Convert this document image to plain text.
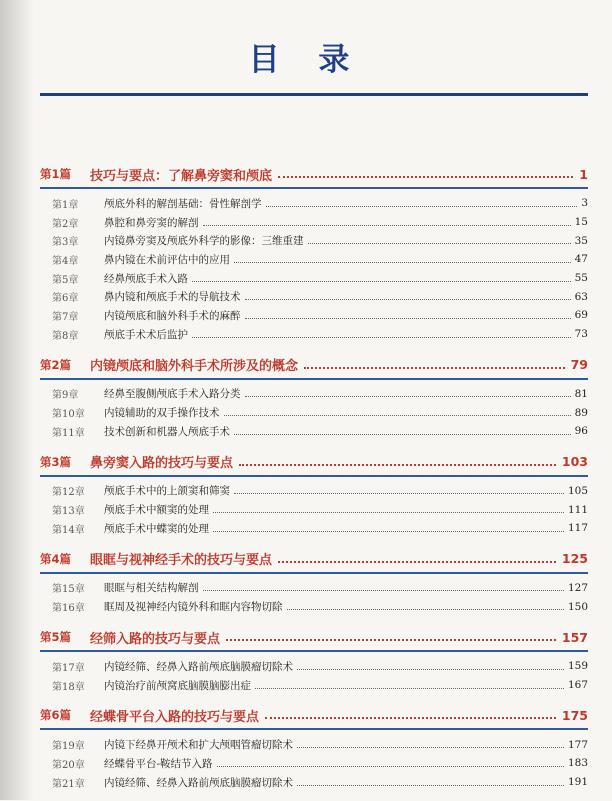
目 录
第1篇	技巧与要点：了解鼻旁窦和颅底	1
第1章	颅底外科的解剖基础：骨性解剖学	3
第2章	鼻腔和鼻旁窦的解剖	15
第3章	内镜鼻旁窦及颅底外科学的影像：三维重建	35
第4章	鼻内镜在术前评估中的应用	47
第5章	经鼻颅底手术入路	55
第6章	鼻内镜和颅底手术的导航技术	63
第7章	内镜颅底和脑外科手术的麻醉	69
第8章	颅底手术术后监护	73
第2篇	内镜颅底和脑外科手术所涉及的概念	79
第9章	经鼻至腹侧颅底手术入路分类	81
第10章	内镜辅助的双手操作技术	89
第11章	技术创新和机器人颅底手术	96
第3篇	鼻旁窦入路的技巧与要点	103
第12章	颅底手术中的上颌窦和筛窦	105
第13章	颅底手术中额窦的处理	111
第14章	颅底手术中蝶窦的处理	117
第4篇	眼眶与视神经手术的技巧与要点	125
第15章	眼眶与相关结构解剖	127
第16章	眶周及视神经内镜外科和眶内容物切除	150
第5篇	经筛入路的技巧与要点	157
第17章	内镜经筛、经鼻入路前颅底脑膜瘤切除术	159
第18章	内镜治疗前颅窝底脑膜脑膨出症	167
第6篇	经蝶骨平台入路的技巧与要点	175
第19章	内镜下经鼻开颅术和扩大颅咽管瘤切除术	177
第20章	经蝶骨平台-鞍结节入路	183
第21章	内镜经筛、经鼻入路前颅底脑膜瘤切除术	191
